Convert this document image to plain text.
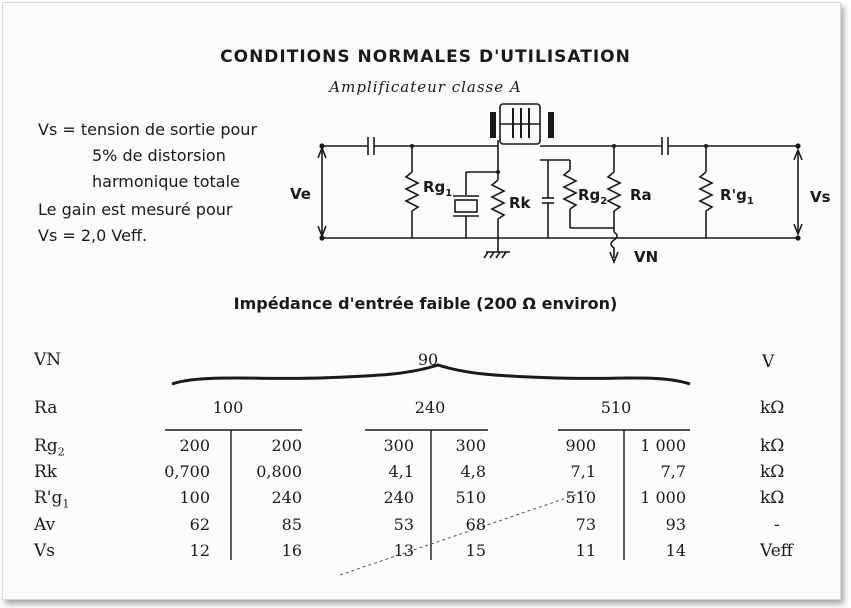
CONDITIONS NORMALES D'UTILISATION
Amplificateur classe A
Vs = tension de sortie pour
5% de distorsion
harmonique totale
Le gain est mesuré pour
Vs = 2,0 Veff.
Ve	$Rg_1$
Rk	$Rg_2$ Ra	$R'g_1$	Vs
VN
Impédance d'entrée faible (200 Ω environ)
VN	90	V
Ra	100	240	510	kΩ
$Rg_2$	200	200	300	300	900	1 000	kΩ
Rk	0,700	0,800	4,1	4,8	7,1	7,7	kΩ
$R'g_1$	100	240	240	510	510	1 000	kΩ
Av	62	85	53	68	73	93	-
Vs	12	16	13	15	11	14	Veff
